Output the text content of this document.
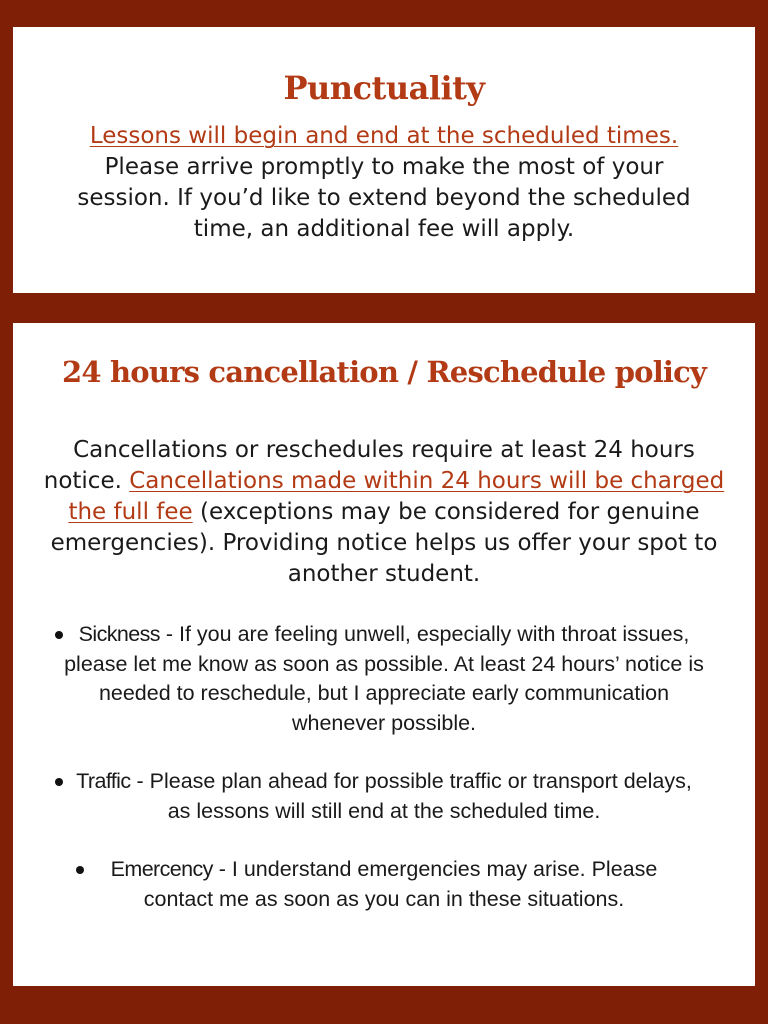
Punctuality

Lessons will begin and end at the scheduled times. Please arrive promptly to make the most of your session. If you’d like to extend beyond the scheduled time, an additional fee will apply.

24 hours cancellation / Reschedule policy

Cancellations or reschedules require at least 24 hours notice. Cancellations made within 24 hours will be charged the full fee (exceptions may be considered for genuine emergencies). Providing notice helps us offer your spot to another student.

Sickness - If you are feeling unwell, especially with throat issues, please let me know as soon as possible. At least 24 hours’ notice is needed to reschedule, but I appreciate early communication whenever possible.
Traffic - Please plan ahead for possible traffic or transport delays, as lessons will still end at the scheduled time.
Emercency - I understand emergencies may arise. Please contact me as soon as you can in these situations.
